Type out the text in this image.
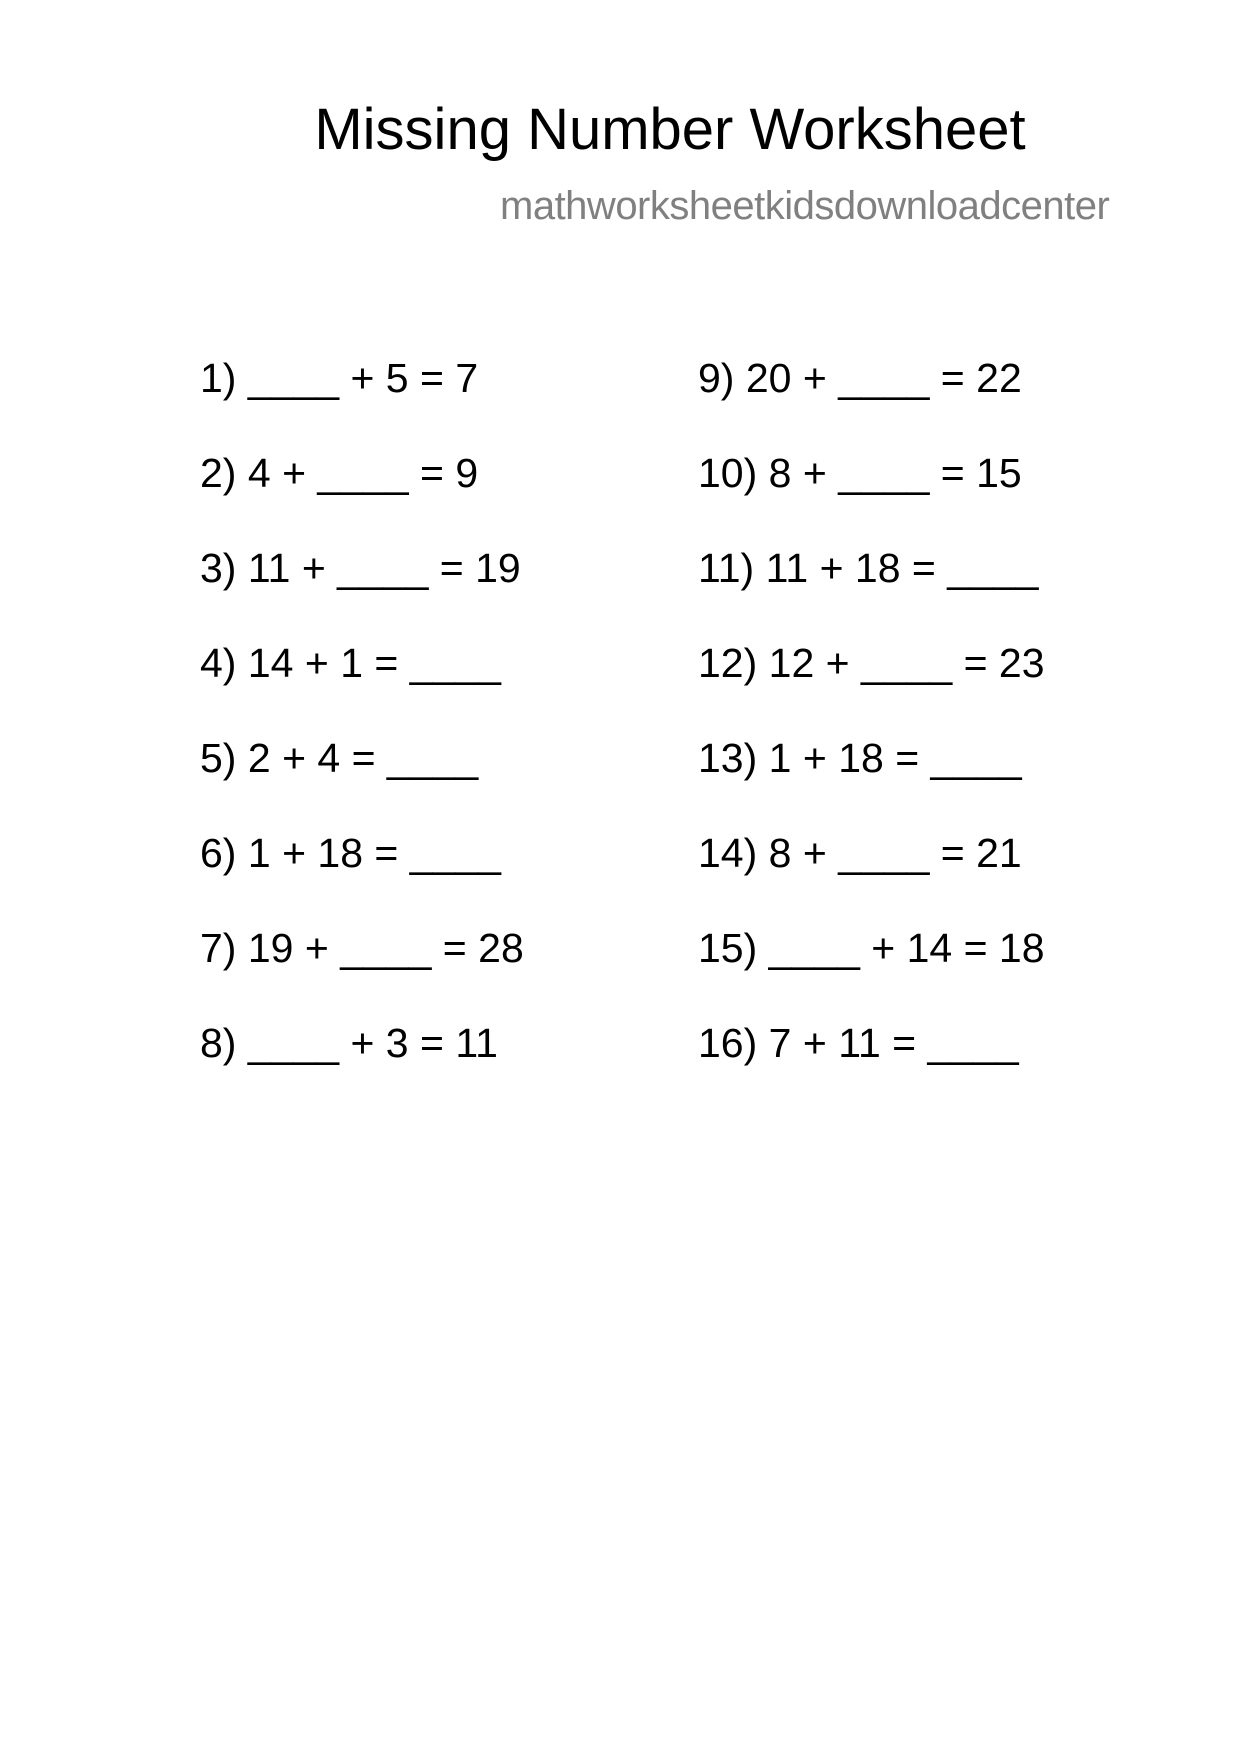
Missing Number Worksheet
mathworksheetkidsdownloadcenter
1) ____ + 5 = 7
2) 4 + ____ = 9
3) 11 + ____ = 19
4) 14 + 1 = ____
5) 2 + 4 = ____
6) 1 + 18 = ____
7) 19 + ____ = 28
8) ____ + 3 = 11
9) 20 + ____ = 22
10) 8 + ____ = 15
11) 11 + 18 = ____
12) 12 + ____ = 23
13) 1 + 18 = ____
14) 8 + ____ = 21
15) ____ + 14 = 18
16) 7 + 11 = ____
